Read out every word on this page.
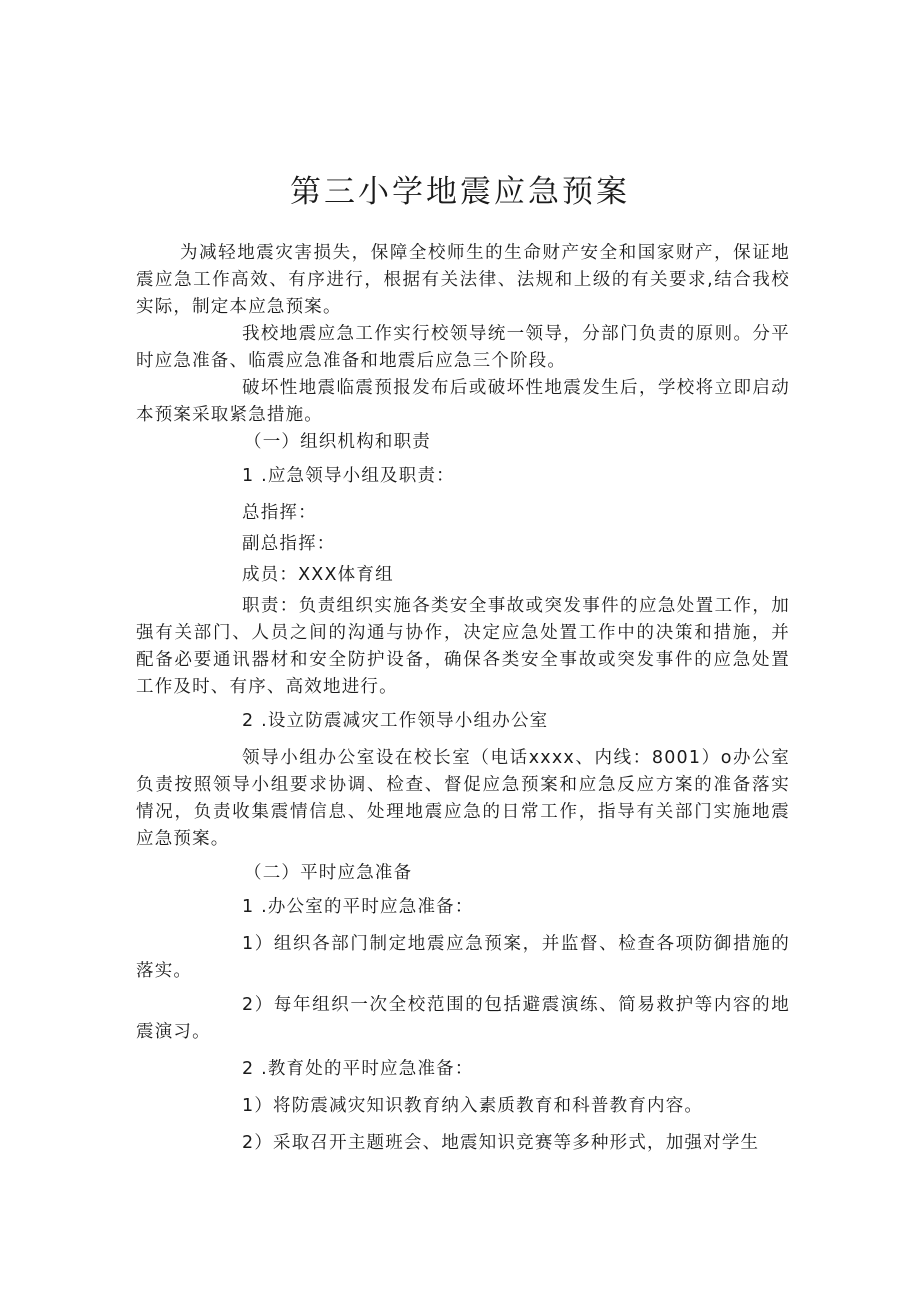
第三小学地震应急预案

为减轻地震灾害损失，保障全校师生的生命财产安全和国家财产，保证地震应急工作高效、有序进行，根据有关法律、法规和上级的有关要求,结合我校实际，制定本应急预案。

我校地震应急工作实行校领导统一领导，分部门负责的原则。分平时应急准备、临震应急准备和地震后应急三个阶段。

破坏性地震临震预报发布后或破坏性地震发生后，学校将立即启动本预案采取紧急措施。

（一）组织机构和职责

1 .应急领导小组及职责：

总指挥：

副总指挥：

成员：XXX体育组

职责：负责组织实施各类安全事故或突发事件的应急处置工作，加强有关部门、人员之间的沟通与协作，决定应急处置工作中的决策和措施，并配备必要通讯器材和安全防护设备，确保各类安全事故或突发事件的应急处置工作及时、有序、高效地进行。

2 .设立防震减灾工作领导小组办公室

领导小组办公室设在校长室（电话xxxx、内线：8001）o办公室负责按照领导小组要求协调、检查、督促应急预案和应急反应方案的准备落实情况，负责收集震情信息、处理地震应急的日常工作，指导有关部门实施地震应急预案。

（二）平时应急准备

1 .办公室的平时应急准备：

1）组织各部门制定地震应急预案，并监督、检查各项防御措施的落实。

2）每年组织一次全校范围的包括避震演练、简易救护等内容的地震演习。

2 .教育处的平时应急准备：

1）将防震减灾知识教育纳入素质教育和科普教育内容。

2）采取召开主题班会、地震知识竞赛等多种形式，加强对学生
